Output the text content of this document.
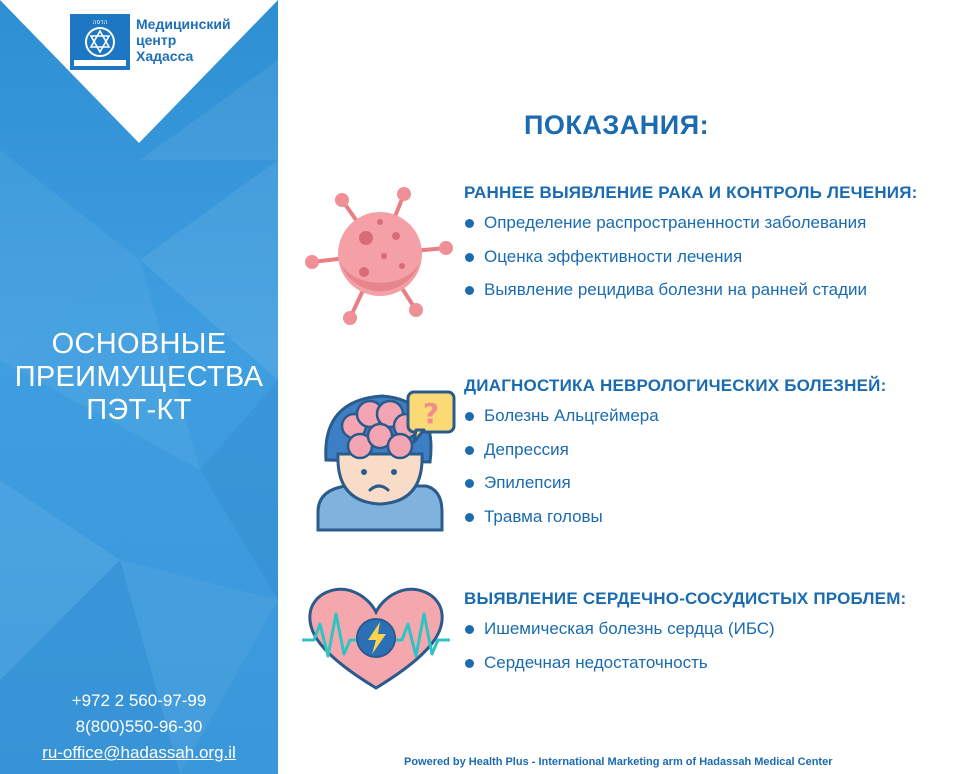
הדסה Медицинский
центр
Хадасса
ОСНОВНЫЕ
ПРЕИМУЩЕСТВА
ПЭТ-КТ
+972 2 560-97-99
8(800)550-96-30
ru-office@hadassah.org.il
ПОКАЗАНИЯ:
РАННЕЕ ВЫЯВЛЕНИЕ РАКА И КОНТРОЛЬ ЛЕЧЕНИЯ:
Определение распространенности заболевания
Оценка эффективности лечения
Выявление рецидива болезни на ранней стадии
?
ДИАГНОСТИКА НЕВРОЛОГИЧЕСКИХ БОЛЕЗНЕЙ:
Болезнь Альцгеймера
Депрессия
Эпилепсия
Травма головы
ВЫЯВЛЕНИЕ СЕРДЕЧНО-СОСУДИСТЫХ ПРОБЛЕМ:
Ишемическая болезнь сердца (ИБС)
Сердечная недостаточность
Powered by Health Plus - International Marketing arm of Hadassah Medical Center
